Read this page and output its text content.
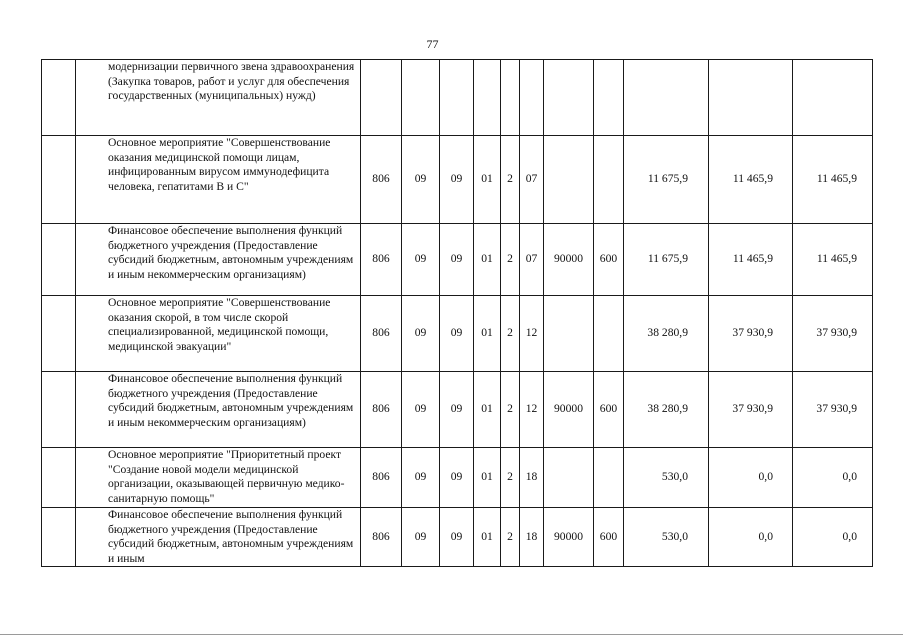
77
	модернизации первичного звена здравоохранения (Закупка товаров, работ и услуг для обеспечения государственных (муниципальных) нужд)											
	Основное мероприятие "Совершенствование оказания медицинской помощи лицам, инфицированным вирусом иммунодефицита человека, гепатитами В и С"	806	09	09	01	2	07			11 675,9	11 465,9	11 465,9
	Финансовое обеспечение выполнения функций бюджетного учреждения (Предоставление субсидий бюджетным, автономным учреждениям и иным некоммерческим организациям)	806	09	09	01	2	07	90000	600	11 675,9	11 465,9	11 465,9
	Основное мероприятие "Совершенствование оказания скорой, в том числе скорой специализированной, медицинской помощи, медицинской эвакуации"	806	09	09	01	2	12			38 280,9	37 930,9	37 930,9
	Финансовое обеспечение выполнения функций бюджетного учреждения (Предоставление субсидий бюджетным, автономным учреждениям и иным некоммерческим организациям)	806	09	09	01	2	12	90000	600	38 280,9	37 930,9	37 930,9
	Основное мероприятие "Приоритетный проект "Создание новой модели медицинской организации, оказывающей первичную медико-санитарную помощь"	806	09	09	01	2	18			530,0	0,0	0,0
	Финансовое обеспечение выполнения функций бюджетного учреждения (Предоставление субсидий бюджетным, автономным учреждениям и иным	806	09	09	01	2	18	90000	600	530,0	0,0	0,0
